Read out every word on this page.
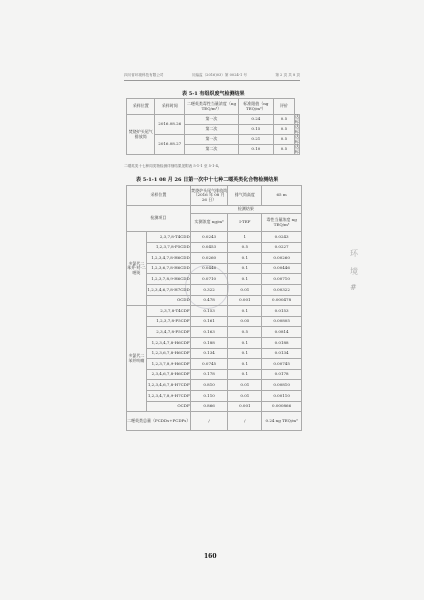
四川省环境科技有限公司	川编监（2016)03）第 0024-1 号	第 2 页 共 8 页
表 5-1 有组织废气检测结果
采样位置	采样时间	二噁英类毒性当量浓度（ng TEQ/m³）	标准限值（ng TEQ/m³）	评价	
焚烧炉头尾气排放筒	2016.08.26	第一次	0.24	0.5	达标
		第二次	0.15	0.5	达标
	2016.08.27	第一次	0.21	0.5	达标
		第二次	0.10	0.5	达标
二噁英类十七种同类物检测详细结果见附表 5-1-1 至 5-1-4。
表 5-1-1 08 月 26 日第一次中十七种二噁英类化合物检测结果
采样位置		焚烧炉头尾气排放筒（2016 年 08 月 26 日）	排气筒高度	65 m
检测项目		检测结果		
		实测浓度 ng/m³	I-TEF	毒性当量浓度 ng TEQ/m³
多氯代二苯并-对-二噁英	2,3,7,8-T4CDD	0.0243	1	0.0243
	1,2,3,7,8-P5CDD	0.0453	0.5	0.0227
	1,2,3,4,7,8-H6CDD	0.0260	0.1	0.00260
	1,2,3,6,7,8-H6CDD	0.0446	0.1	0.00446
	1,2,3,7,8,9-H6CDD	0.0710	0.1	0.00710
	1,2,3,4,6,7,8-H7CDD	0.322	0.01	0.00322
	OCDD	0.478	0.001	0.000478
多氯代二苯并呋喃	2,3,7,8-T4CDF	0.153	0.1	0.0153
	1,2,3,7,8-P5CDF	0.161	0.05	0.00805
	2,3,4,7,8-P5CDF	0.163	0.5	0.0814
	1,2,3,4,7,8-H6CDF	0.188	0.1	0.0188
	1,2,3,6,7,8-H6CDF	0.134	0.1	0.0134
	1,2,3,7,8,9-H6CDF	0.0745	0.1	0.00745
	2,3,4,6,7,8-H6CDF	0.178	0.1	0.0178
	1,2,3,4,6,7,8-H7CDF	0.810	0.01	0.00810
	1,2,3,4,7,8,9-H7CDF	0.110	0.01	0.00110
	OCDF	0.866	0.001	0.000866
二噁英类总量（PCDDs+PCDFs）		/	/	0.24 ng TEQ/m³
160
环
境
#
